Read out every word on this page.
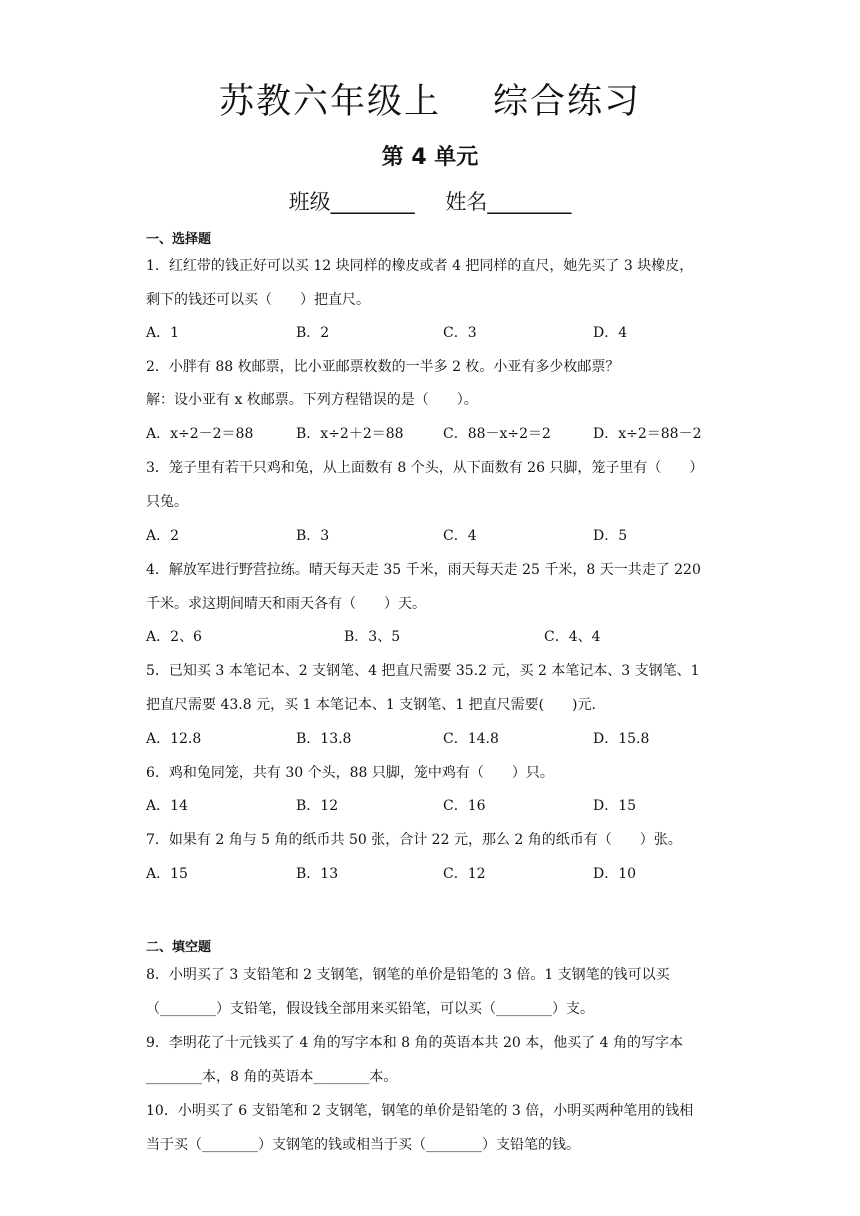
苏教六年级上 综合练习
第 4 单元
班级________ 姓名________
一、选择题
1．红红带的钱正好可以买 12 块同样的橡皮或者 4 把同样的直尺，她先买了 3 块橡皮，
剩下的钱还可以买（　　）把直尺。
A．1	B．2	C．3	D．4
2．小胖有 88 枚邮票，比小亚邮票枚数的一半多 2 枚。小亚有多少枚邮票？
解：设小亚有 x 枚邮票。下列方程错误的是（　　）。
A．x÷2－2＝88	B．x÷2＋2＝88	C．88－x÷2＝2	D．x÷2＝88－2
3．笼子里有若干只鸡和兔，从上面数有 8 个头，从下面数有 26 只脚，笼子里有（　　）
只兔。
A．2	B．3	C．4	D．5
4．解放军进行野营拉练。晴天每天走 35 千米，雨天每天走 25 千米，8 天一共走了 220
千米。求这期间晴天和雨天各有（　　）天。
A．2、6	B．3、5	C．4、4
5．已知买 3 本笔记本、2 支钢笔、4 把直尺需要 35.2 元，买 2 本笔记本、3 支钢笔、1
把直尺需要 43.8 元，买 1 本笔记本、1 支钢笔、1 把直尺需要(　　)元.
A．12.8	B．13.8	C．14.8	D．15.8
6．鸡和兔同笼，共有 30 个头，88 只脚，笼中鸡有（　　）只。
A．14	B．12	C．16	D．15
7．如果有 2 角与 5 角的纸币共 50 张，合计 22 元，那么 2 角的纸币有（　　）张。
A．15	B．13	C．12	D．10
二、填空题
8．小明买了 3 支铅笔和 2 支钢笔，钢笔的单价是铅笔的 3 倍。1 支钢笔的钱可以买
（________）支铅笔，假设钱全部用来买铅笔，可以买（________）支。
9．李明花了十元钱买了 4 角的写字本和 8 角的英语本共 20 本，他买了 4 角的写字本
________本，8 角的英语本________本。
10．小明买了 6 支铅笔和 2 支钢笔，钢笔的单价是铅笔的 3 倍，小明买两种笔用的钱相
当于买（________）支钢笔的钱或相当于买（________）支铅笔的钱。
